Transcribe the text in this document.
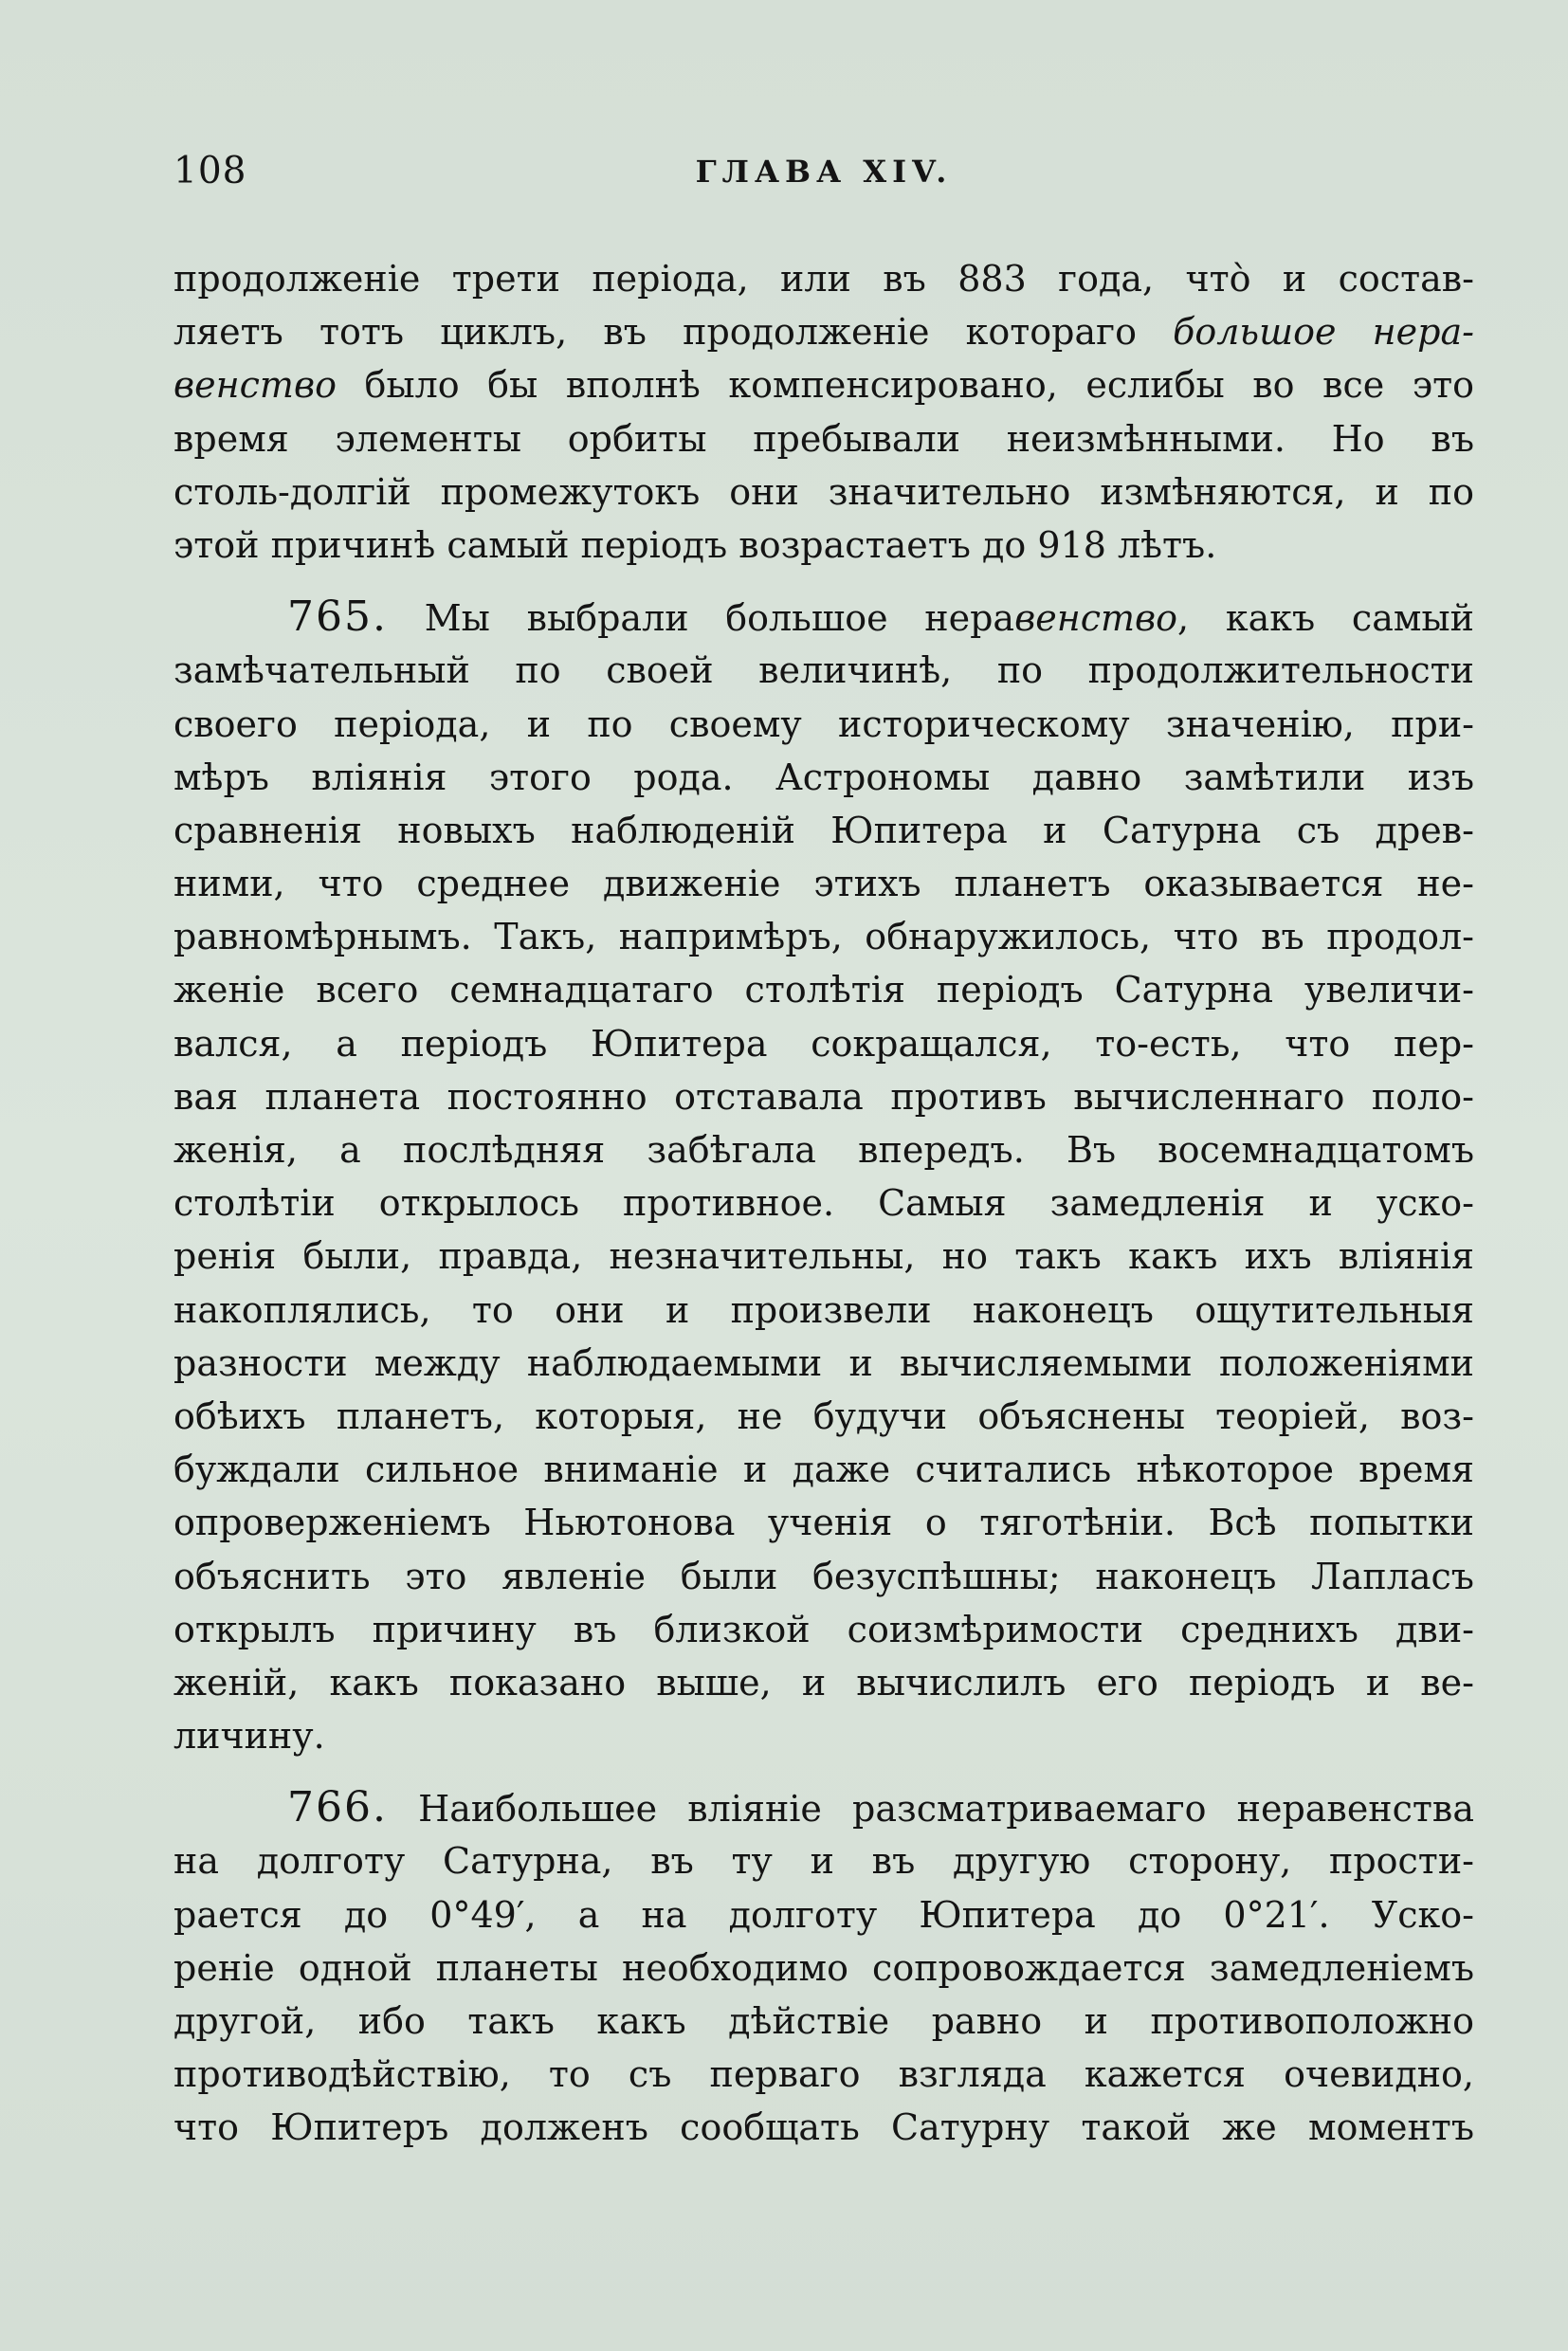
108	ГЛАВА XIV.
продолженіе трети періода, или въ 883 года, что̀ и состав-
ляетъ тотъ циклъ, въ продолженіе котораго большое нера-
венство было бы вполнѣ компенсировано, еслибы во все это
время элементы орбиты пребывали неизмѣнными. Но въ
столь-долгій промежутокъ они значительно измѣняются, и по
этой причинѣ самый періодъ возрастаетъ до 918 лѣтъ.
765. Мы выбрали большое неравенство, какъ самый
замѣчательный по своей величинѣ, по продолжительности
своего періода, и по своему историческому значенію, при-
мѣръ вліянія этого рода. Астрономы давно замѣтили изъ
сравненія новыхъ наблюденій Юпитера и Сатурна съ древ-
ними, что среднее движеніе этихъ планетъ оказывается не-
равномѣрнымъ. Такъ, напримѣръ, обнаружилось, что въ продол-
женіе всего семнадцатаго столѣтія періодъ Сатурна увеличи-
вался, а періодъ Юпитера сокращался, то-есть, что пер-
вая планета постоянно отставала противъ вычисленнаго поло-
женія, а послѣдняя забѣгала впередъ. Въ восемнадцатомъ
столѣтіи открылось противное. Самыя замедленія и уско-
ренія были, правда, незначительны, но такъ какъ ихъ вліянія
накоплялись, то они и произвели наконецъ ощутительныя
разности между наблюдаемыми и вычисляемыми положеніями
обѣихъ планетъ, которыя, не будучи объяснены теоріей, воз-
буждали сильное вниманіе и даже считались нѣкоторое время
опроверженіемъ Ньютонова ученія о тяготѣніи. Всѣ попытки
объяснить это явленіе были безуспѣшны; наконецъ Лапласъ
открылъ причину въ близкой соизмѣримости среднихъ дви-
женій, какъ показано выше, и вычислилъ его періодъ и ве-
личину.
766. Наибольшее вліяніе разсматриваемаго неравенства
на долготу Сатурна, въ ту и въ другую сторону, прости-
рается до 0°49′, а на долготу Юпитера до 0°21′. Уско-
реніе одной планеты необходимо сопровождается замедленіемъ
другой, ибо такъ какъ дѣйствіе равно и противоположно
противодѣйствію, то съ перваго взгляда кажется очевидно,
что Юпитеръ долженъ сообщать Сатурну такой же моментъ
